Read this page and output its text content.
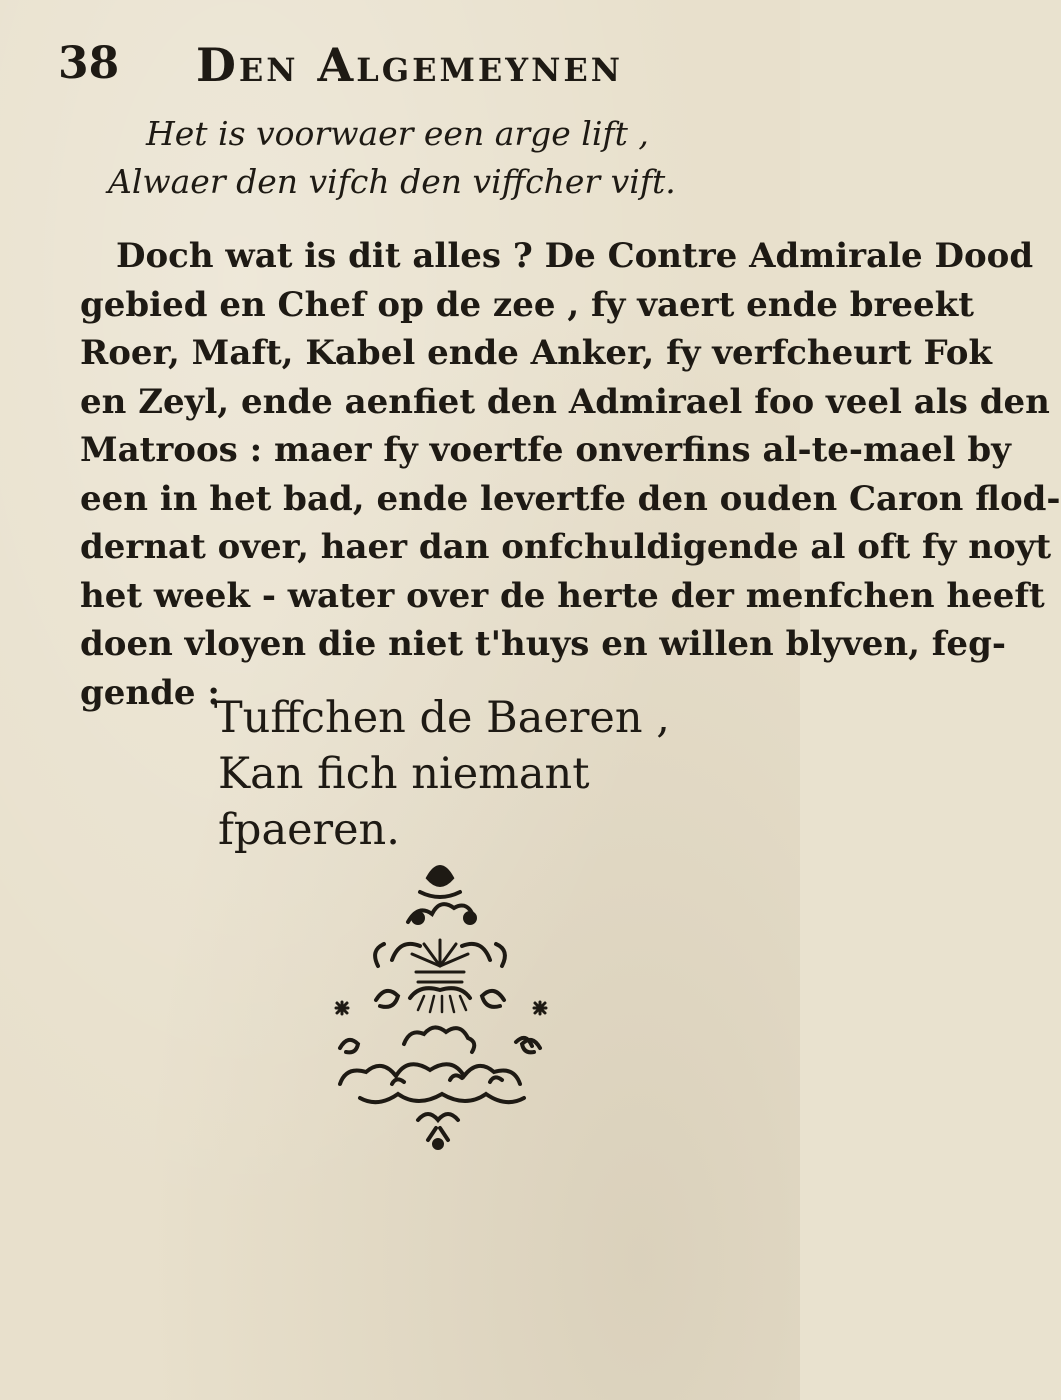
38 Den Algemeynen
Het is voorwaer een arge lift ,
Alwaer den vifch den viffcher vift.
Doch wat is dit alles ? De Contre Admirale Dood
gebied en Chef op de zee , fy vaert ende breekt
Roer, Maft, Kabel ende Anker, fy verfcheurt Fok
en Zeyl, ende aenfiet den Admirael foo veel als den
Matroos : maer fy voertfe onverfins al-te-mael by
een in het bad, ende levertfe den ouden Caron flod-
dernat over, haer dan onfchuldigende al oft fy noyt
het week - water over de herte der menfchen heeft
doen vloyen die niet t'huys en willen blyven, feg-
gende :
Tuffchen de Baeren ,
Kan fich niemant fpaeren.
